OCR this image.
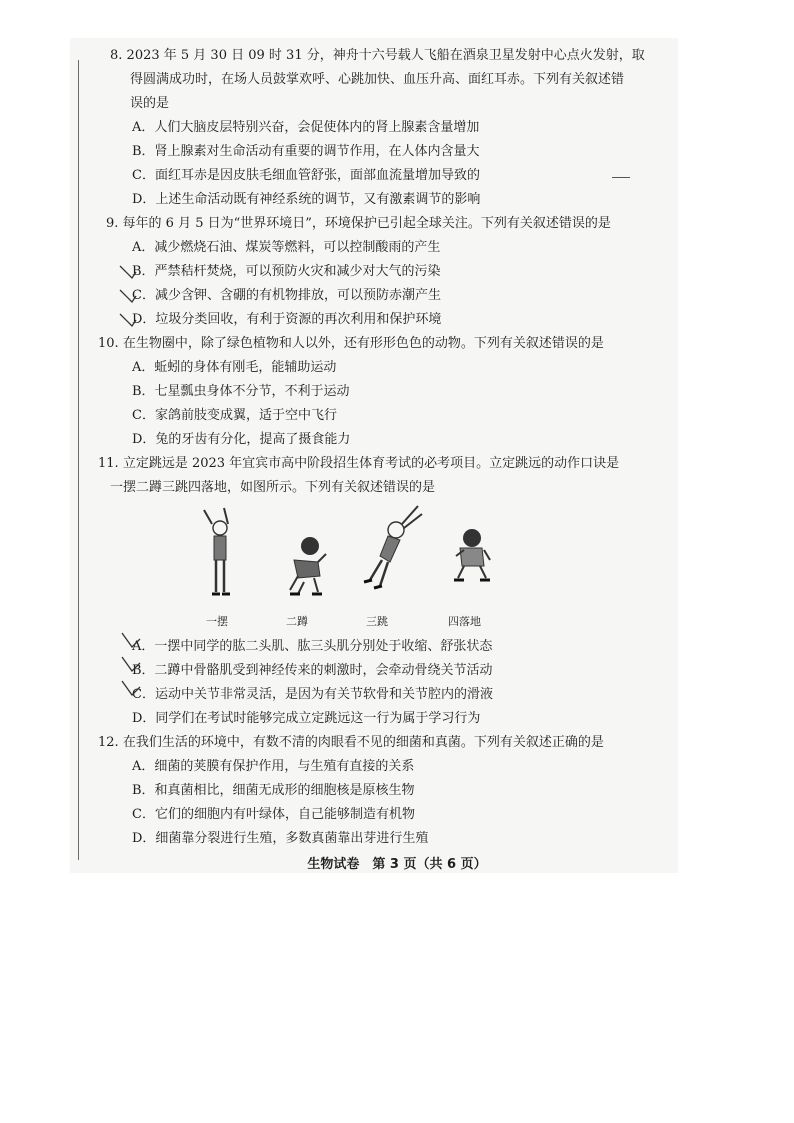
8. 2023 年 5 月 30 日 09 时 31 分，神舟十六号载人飞船在酒泉卫星发射中心点火发射，取

得圆满成功时，在场人员鼓掌欢呼、心跳加快、血压升高、面红耳赤。下列有关叙述错

误的是

A．人们大脑皮层特别兴奋，会促使体内的肾上腺素含量增加

B．肾上腺素对生命活动有重要的调节作用，在人体内含量大

C．面红耳赤是因皮肤毛细血管舒张，面部血流量增加导致的

D．上述生命活动既有神经系统的调节，又有激素调节的影响

9. 每年的 6 月 5 日为“世界环境日”，环境保护已引起全球关注。下列有关叙述错误的是

A．减少燃烧石油、煤炭等燃料，可以控制酸雨的产生

B．严禁秸杆焚烧，可以预防火灾和减少对大气的污染

C．减少含钾、含硼的有机物排放，可以预防赤潮产生

D．垃圾分类回收，有利于资源的再次利用和保护环境

10. 在生物圈中，除了绿色植物和人以外，还有形形色色的动物。下列有关叙述错误的是

A．蚯蚓的身体有刚毛，能辅助运动

B．七星瓢虫身体不分节，不利于运动

C．家鸽前肢变成翼，适于空中飞行

D．兔的牙齿有分化，提高了摄食能力

11. 立定跳远是 2023 年宜宾市高中阶段招生体育考试的必考项目。立定跳远的动作口诀是

一摆二蹲三跳四落地，如图所示。下列有关叙述错误的是

一摆	二蹲	三跳	四落地

A．一摆中同学的肱二头肌、肱三头肌分别处于收缩、舒张状态

B．二蹲中骨骼肌受到神经传来的刺激时，会牵动骨绕关节活动

C．运动中关节非常灵活，是因为有关节软骨和关节腔内的滑液

D．同学们在考试时能够完成立定跳远这一行为属于学习行为

12. 在我们生活的环境中，有数不清的肉眼看不见的细菌和真菌。下列有关叙述正确的是

A．细菌的荚膜有保护作用，与生殖有直接的关系

B．和真菌相比，细菌无成形的细胞核是原核生物

C．它们的细胞内有叶绿体，自己能够制造有机物

D．细菌靠分裂进行生殖，多数真菌靠出芽进行生殖

生物试卷　第 3 页（共 6 页）
